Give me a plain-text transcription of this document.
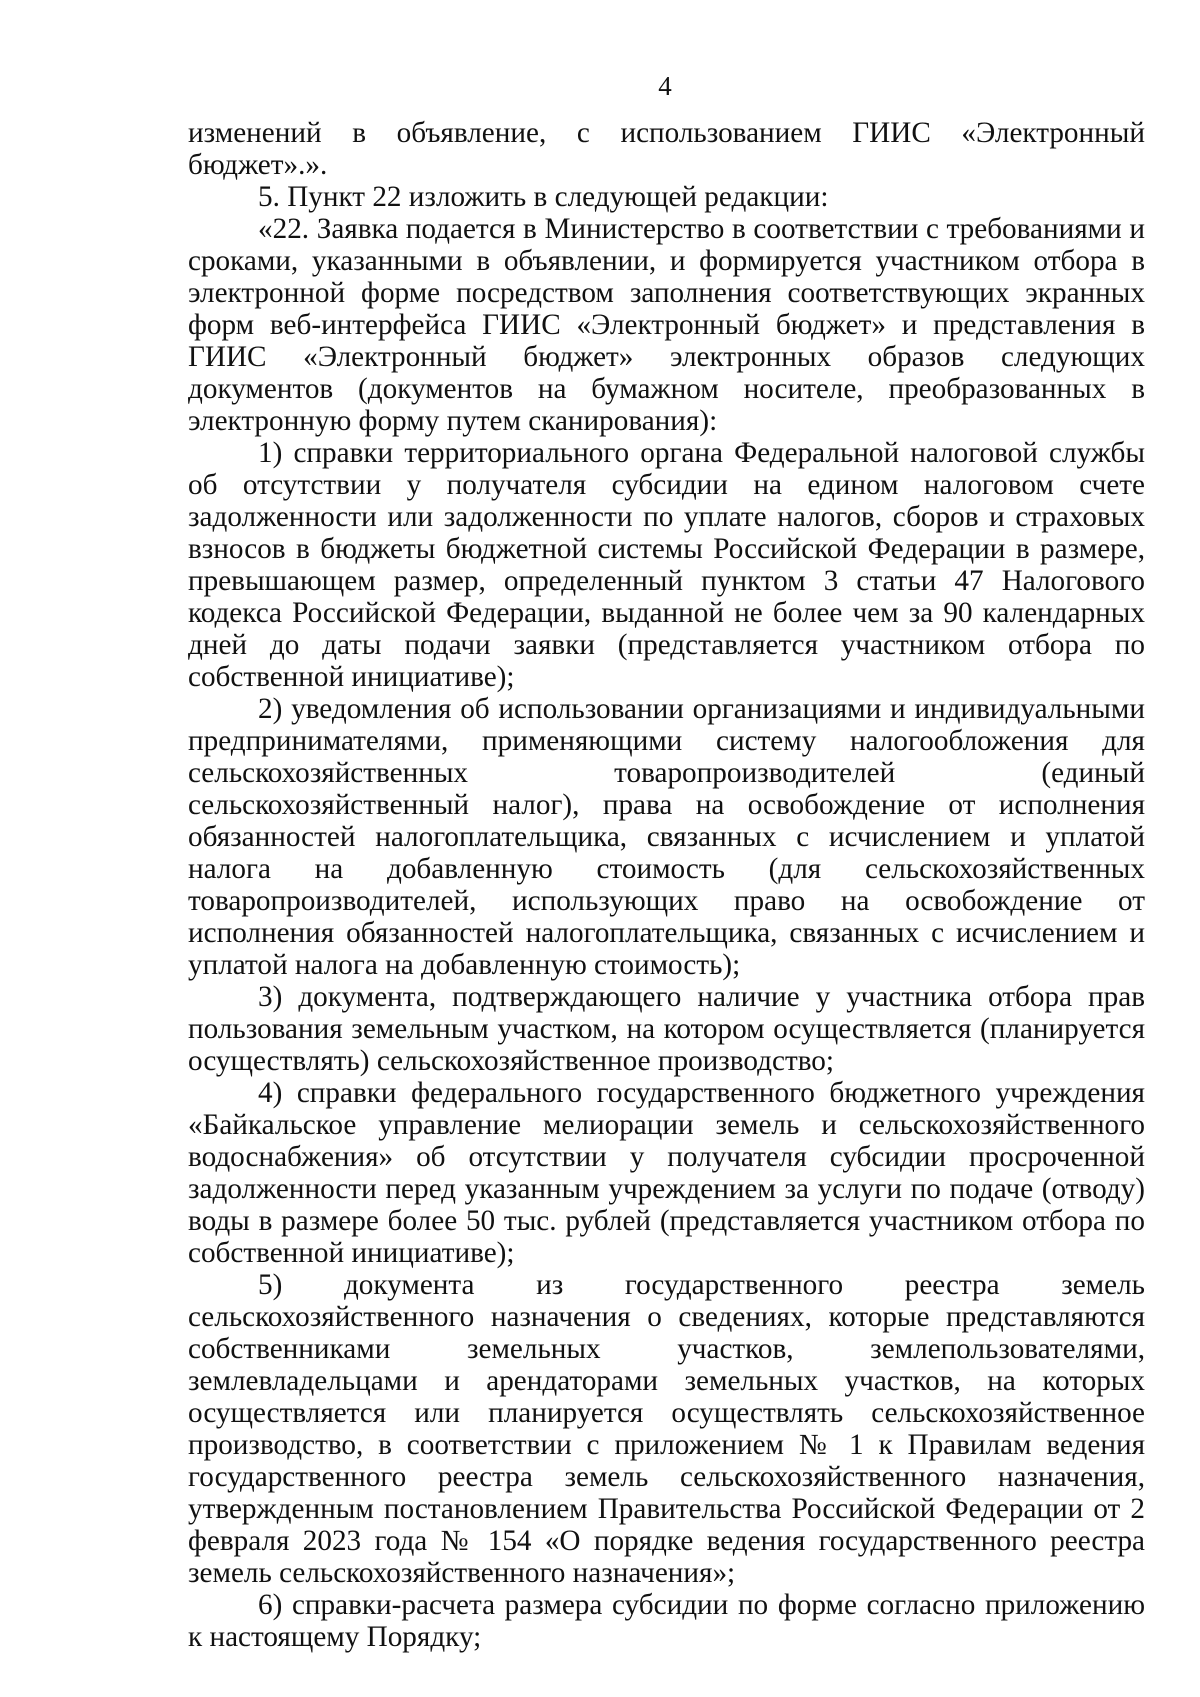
4

изменений в объявление, с использованием ГИИС «Электронный бюджет».».

5. Пункт 22 изложить в следующей редакции:

«22. Заявка подается в Министерство в соответствии с требованиями и сроками, указанными в объявлении, и формируется участником отбора в электронной форме посредством заполнения соответствующих экранных форм веб-интерфейса ГИИС «Электронный бюджет» и представления в ГИИС «Электронный бюджет» электронных образов следующих документов (документов на бумажном носителе, преобразованных в электронную форму путем сканирования):

1) справки территориального органа Федеральной налоговой службы об отсутствии у получателя субсидии на едином налоговом счете задолженности или задолженности по уплате налогов, сборов и страховых взносов в бюджеты бюджетной системы Российской Федерации в размере, превышающем размер, определенный пунктом 3 статьи 47 Налогового кодекса Российской Федерации, выданной не более чем за 90 календарных дней до даты подачи заявки (представляется участником отбора по собственной инициативе);

2) уведомления об использовании организациями и индивидуальными предпринимателями, применяющими систему налогообложения для сельскохозяйственных товаропроизводителей (единый сельскохозяйственный налог), права на освобождение от исполнения обязанностей налогоплательщика, связанных с исчислением и уплатой налога на добавленную стоимость (для сельскохозяйственных товаропроизводителей, использующих право на освобождение от исполнения обязанностей налогоплательщика, связанных с исчислением и уплатой налога на добавленную стоимость);

3) документа, подтверждающего наличие у участника отбора прав пользования земельным участком, на котором осуществляется (планируется осуществлять) сельскохозяйственное производство;

4) справки федерального государственного бюджетного учреждения «Байкальское управление мелиорации земель и сельскохозяйственного водоснабжения» об отсутствии у получателя субсидии просроченной задолженности перед указанным учреждением за услуги по подаче (отводу) воды в размере более 50 тыс. рублей (представляется участником отбора по собственной инициативе);

5) документа из государственного реестра земель сельскохозяйственного назначения о сведениях, которые представляются собственниками земельных участков, землепользователями, землевладельцами и арендаторами земельных участков, на которых осуществляется или планируется осуществлять сельскохозяйственное производство, в соответствии с приложением № 1 к Правилам ведения государственного реестра земель сельскохозяйственного назначения, утвержденным постановлением Правительства Российской Федерации от 2 февраля 2023 года № 154 «О порядке ведения государственного реестра земель сельскохозяйственного назначения»;

6) справки-расчета размера субсидии по форме согласно приложению к настоящему Порядку;
